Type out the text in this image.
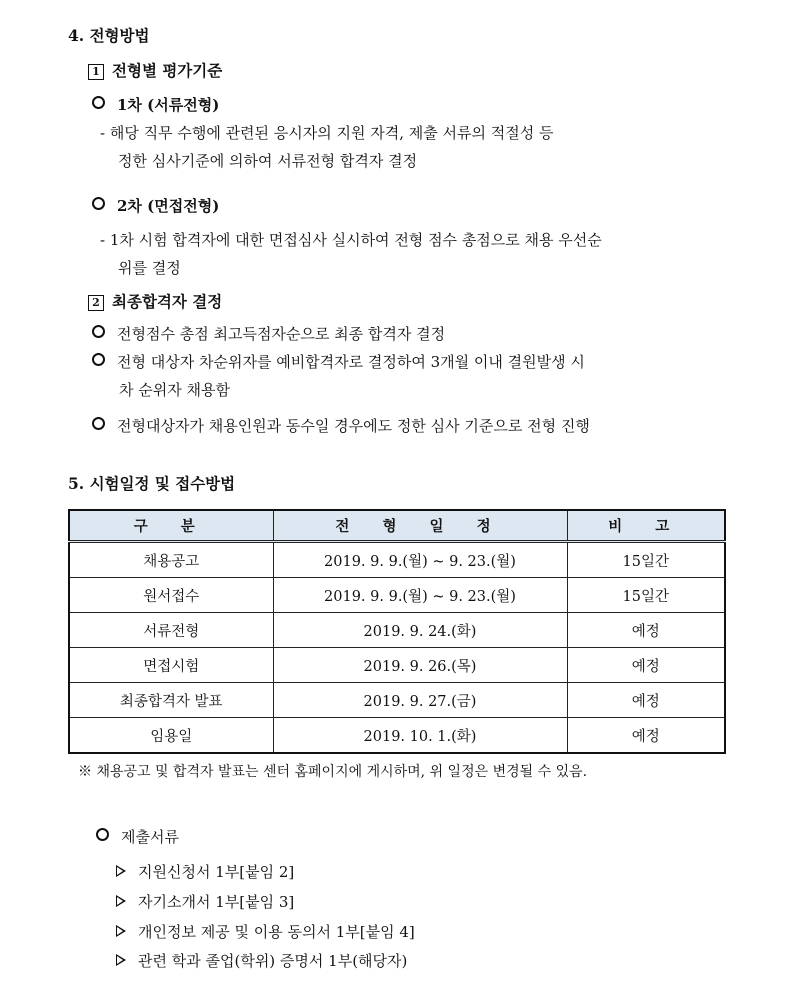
4. 전형방법
1 전형별 평가기준
1차 (서류전형)
- 해당 직무 수행에 관련된 응시자의 지원 자격, 제출 서류의 적절성 등
정한 심사기준에 의하여 서류전형 합격자 결정
2차 (면접전형)
- 1차 시험 합격자에 대한 면접심사 실시하여 전형 점수 총점으로 채용 우선순
위를 결정
2 최종합격자 결정
전형점수 총점 최고득점자순으로 최종 합격자 결정
전형 대상자 차순위자를 예비합격자로 결정하여 3개월 이내 결원발생 시
차 순위자 채용함
전형대상자가 채용인원과 동수일 경우에도 정한 심사 기준으로 전형 진행
5. 시험일정 및 접수방법
구 분	전 형 일 정	비 고
채용공고	2019. 9. 9.(월) ~ 9. 23.(월)	15일간
원서접수	2019. 9. 9.(월) ~ 9. 23.(월)	15일간
서류전형	2019. 9. 24.(화)	예정
면접시험	2019. 9. 26.(목)	예정
최종합격자 발표	2019. 9. 27.(금)	예정
임용일	2019. 10. 1.(화)	예정
※ 채용공고 및 합격자 발표는 센터 홈페이지에 게시하며, 위 일정은 변경될 수 있음.
제출서류
지원신청서 1부[붙임 2]
자기소개서 1부[붙임 3]
개인정보 제공 및 이용 동의서 1부[붙임 4]
관련 학과 졸업(학위) 증명서 1부(해당자)
